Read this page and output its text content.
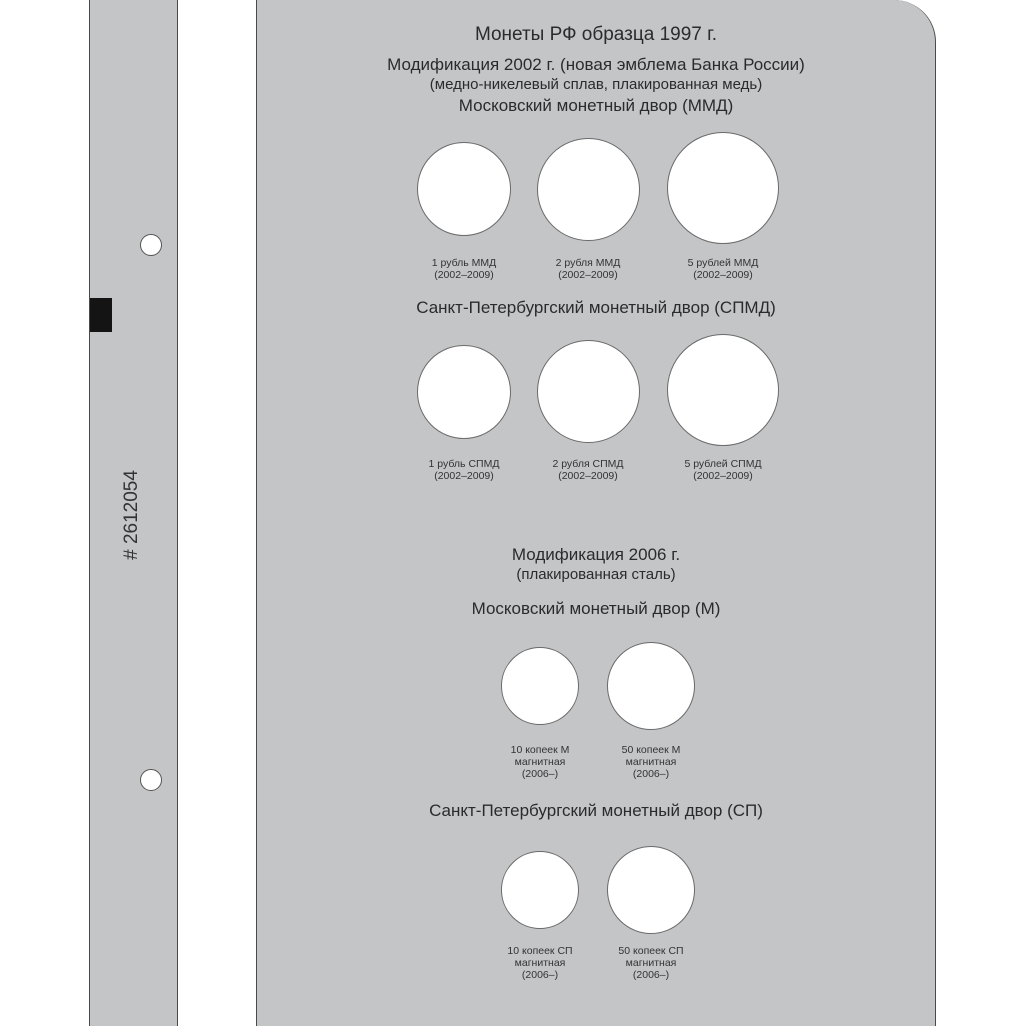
# 2612054
Монеты РФ образца 1997 г.
Модификация 2002 г. (новая эмблема Банка России)
(медно-никелевый сплав, плакированная медь)
Московский монетный двор (ММД)
1 рубль ММД
(2002–2009)
2 рубля ММД
(2002–2009)
5 рублей ММД
(2002–2009)
Санкт-Петербургский монетный двор (СПМД)
1 рубль СПМД
(2002–2009)
2 рубля СПМД
(2002–2009)
5 рублей СПМД
(2002–2009)
Модификация 2006 г.
(плакированная сталь)
Московский монетный двор (М)
10 копеек М
магнитная
(2006–)
50 копеек М
магнитная
(2006–)
Санкт-Петербургский монетный двор (СП)
10 копеек СП
магнитная
(2006–)
50 копеек СП
магнитная
(2006–)
